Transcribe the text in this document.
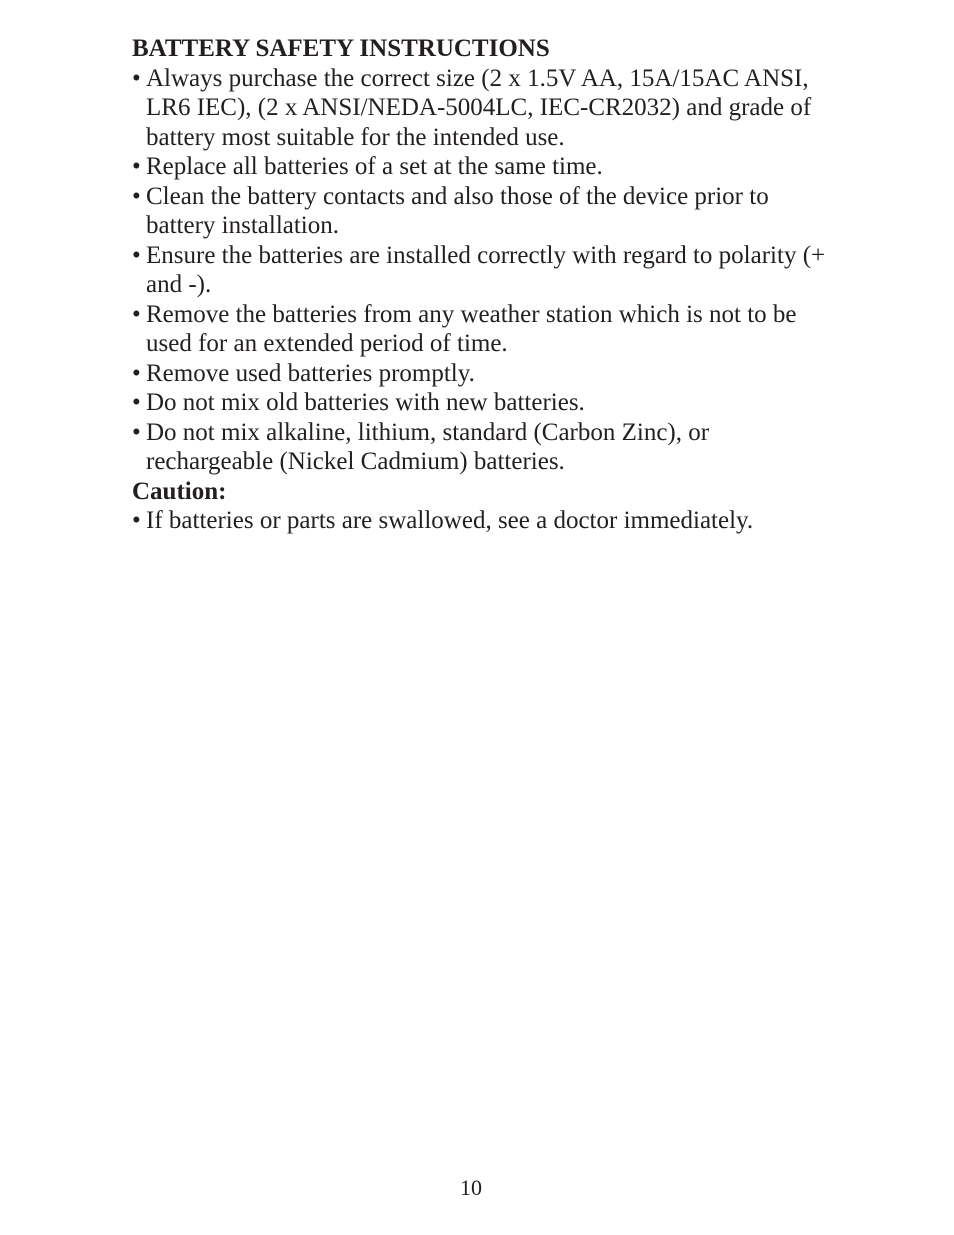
BATTERY SAFETY INSTRUCTIONS

• Always purchase the correct size (2 x 1.5V AA, 15A/15AC ANSI, LR6 IEC), (2 x ANSI/NEDA-5004LC, IEC-CR2032) and grade of battery most suitable for the intended use.
• Replace all batteries of a set at the same time.
• Clean the battery contacts and also those of the device prior to battery installation.
• Ensure the batteries are installed correctly with regard to polarity (+ and -).
• Remove the batteries from any weather station which is not to be used for an extended period of time.
• Remove used batteries promptly.
• Do not mix old batteries with new batteries.
• Do not mix alkaline, lithium, standard (Carbon Zinc), or rechargeable (Nickel Cadmium) batteries.

Caution:

• If batteries or parts are swallowed, see a doctor immediately.
10
